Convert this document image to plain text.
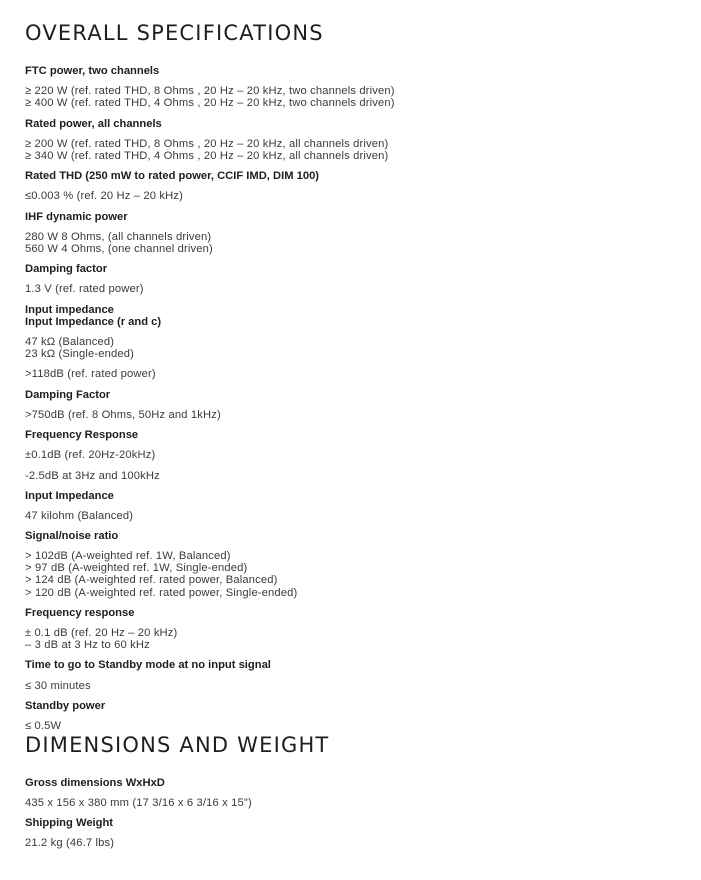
OVERALL SPECIFICATIONS
FTC power, two channels
≥ 220 W (ref. rated THD, 8 Ohms , 20 Hz – 20 kHz, two channels driven)
≥ 400 W (ref. rated THD, 4 Ohms , 20 Hz – 20 kHz, two channels driven)
Rated power, all channels
≥ 200 W (ref. rated THD, 8 Ohms , 20 Hz – 20 kHz, all channels driven)
≥ 340 W (ref. rated THD, 4 Ohms , 20 Hz – 20 kHz, all channels driven)
Rated THD (250 mW to rated power, CCIF IMD, DIM 100)
≤0.003 % (ref. 20 Hz – 20 kHz)
IHF dynamic power
280 W 8 Ohms, (all channels driven)
560 W 4 Ohms, (one channel driven)
Damping factor
1.3 V (ref. rated power)
Input impedance
Input Impedance (r and c)
47 kΩ (Balanced)
23 kΩ (Single-ended)
>118dB (ref. rated power)
Damping Factor
>750dB (ref. 8 Ohms, 50Hz and 1kHz)
Frequency Response
±0.1dB (ref. 20Hz-20kHz)
-2.5dB at 3Hz and 100kHz
Input Impedance
47 kilohm (Balanced)
Signal/noise ratio
> 102dB (A-weighted ref. 1W, Balanced)
> 97 dB (A-weighted ref. 1W, Single-ended)
> 124 dB (A-weighted ref. rated power, Balanced)
> 120 dB (A-weighted ref. rated power, Single-ended)
Frequency response
± 0.1 dB (ref. 20 Hz – 20 kHz)
– 3 dB at 3 Hz to 60 kHz
Time to go to Standby mode at no input signal
≤ 30 minutes
Standby power
≤ 0.5W
DIMENSIONS AND WEIGHT
Gross dimensions WxHxD
435 x 156 x 380 mm (17 3/16 x 6 3/16 x 15")
Shipping Weight
21.2 kg (46.7 lbs)
